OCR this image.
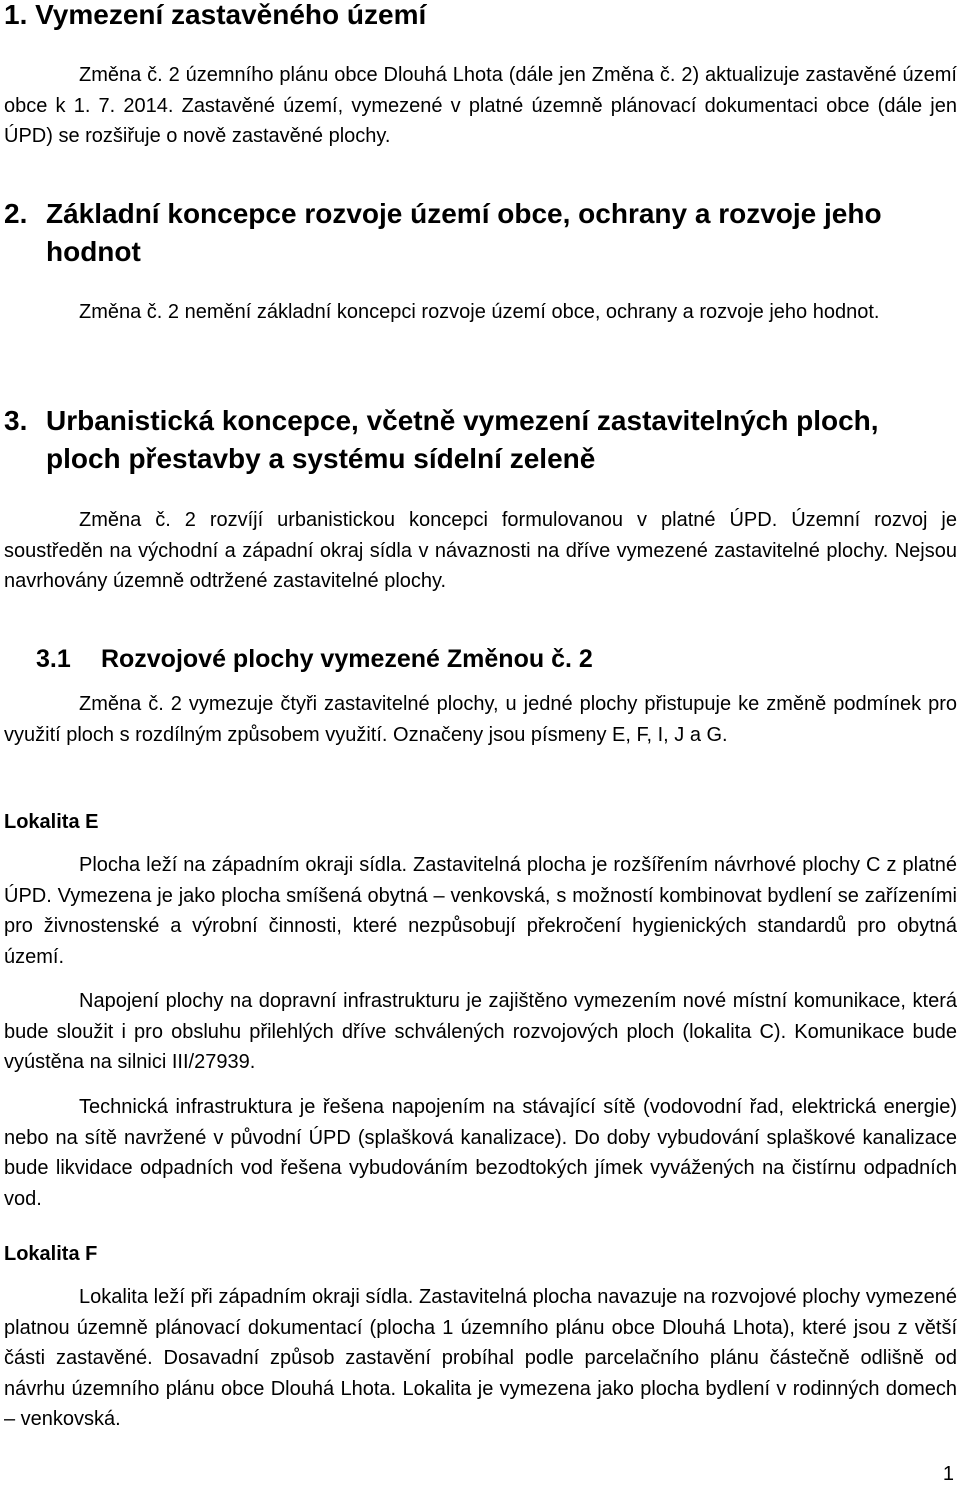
1. Vymezení zastavěného území

Změna č. 2 územního plánu obce Dlouhá Lhota (dále jen Změna č. 2) aktualizuje zastavěné území obce k 1. 7. 2014. Zastavěné území, vymezené v platné územně plánovací dokumentaci obce (dále jen ÚPD) se rozšiřuje o nově zastavěné plochy.

2. Základní koncepce rozvoje území obce, ochrany a rozvoje jeho hodnot

Změna č. 2 nemění základní koncepci rozvoje území obce, ochrany a rozvoje jeho hodnot.

3. Urbanistická koncepce, včetně vymezení zastavitelných ploch, ploch přestavby a systému sídelní zeleně

Změna č. 2 rozvíjí urbanistickou koncepci formulovanou v platné ÚPD. Územní rozvoj je soustředěn na východní a západní okraj sídla v návaznosti na dříve vymezené zastavitelné plochy. Nejsou navrhovány územně odtržené zastavitelné plochy.

3.1 Rozvojové plochy vymezené Změnou č. 2

Změna č. 2 vymezuje čtyři zastavitelné plochy, u jedné plochy přistupuje ke změně podmínek pro využití ploch s rozdílným způsobem využití. Označeny jsou písmeny E, F, I, J a G.

Lokalita E

Plocha leží na západním okraji sídla. Zastavitelná plocha je rozšířením návrhové plochy C z platné ÚPD. Vymezena je jako plocha smíšená obytná – venkovská, s možností kombinovat bydlení se zařízeními pro živnostenské a výrobní činnosti, které nezpůsobují překročení hygienických standardů pro obytná území.

Napojení plochy na dopravní infrastrukturu je zajištěno vymezením nové místní komunikace, která bude sloužit i pro obsluhu přilehlých dříve schválených rozvojových ploch (lokalita C). Komunikace bude vyústěna na silnici III/27939.

Technická infrastruktura je řešena napojením na stávající sítě (vodovodní řad, elektrická energie) nebo na sítě navržené v původní ÚPD (splašková kanalizace). Do doby vybudování splaškové kanalizace bude likvidace odpadních vod řešena vybudováním bezodtokých jímek vyvážených na čistírnu odpadních vod.

Lokalita F

Lokalita leží při západním okraji sídla. Zastavitelná plocha navazuje na rozvojové plochy vymezené platnou územně plánovací dokumentací (plocha 1 územního plánu obce Dlouhá Lhota), které jsou z větší části zastavěné. Dosavadní způsob zastavění probíhal podle parcelačního plánu částečně odlišně od návrhu územního plánu obce Dlouhá Lhota. Lokalita je vymezena jako plocha bydlení v rodinných domech – venkovská.

1
